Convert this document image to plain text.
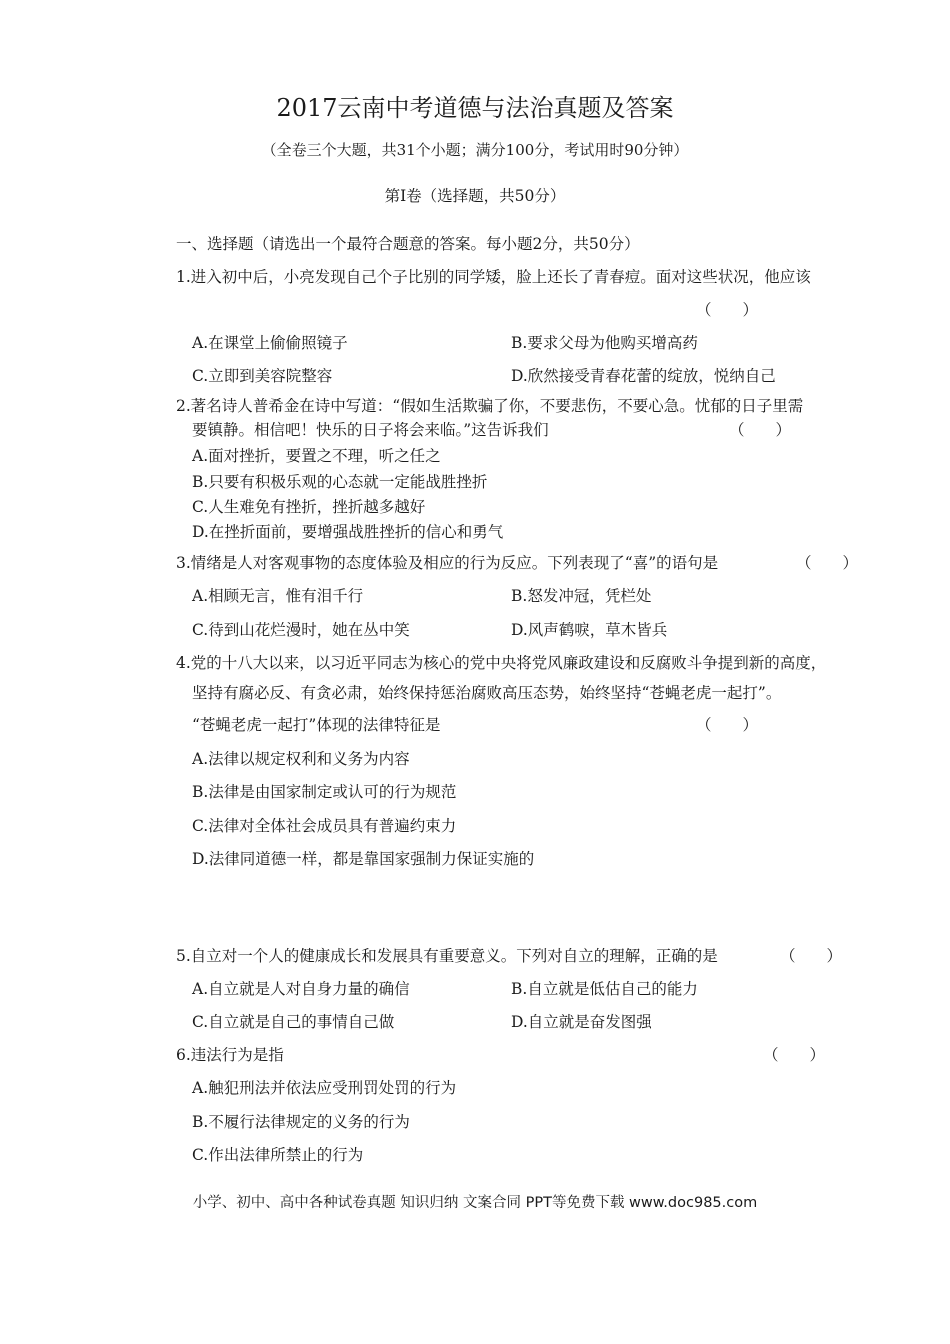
2017云南中考道德与法治真题及答案
（全卷三个大题，共31个小题；满分100分，考试用时90分钟）
第Ⅰ卷（选择题，共50分）
一、选择题（请选出一个最符合题意的答案。每小题2分，共50分）
1.进入初中后，小亮发现自己个子比别的同学矮，脸上还长了青春痘。面对这些状况，他应该
（　　）
A.在课堂上偷偷照镜子	B.要求父母为他购买增高药
C.立即到美容院整容	D.欣然接受青春花蕾的绽放，悦纳自己
2.著名诗人普希金在诗中写道：“假如生活欺骗了你，不要悲伤，不要心急。忧郁的日子里需
要镇静。相信吧！快乐的日子将会来临。”这告诉我们	（　　）
A.面对挫折，要置之不理，听之任之
B.只要有积极乐观的心态就一定能战胜挫折
C.人生难免有挫折，挫折越多越好
D.在挫折面前，要增强战胜挫折的信心和勇气
3.情绪是人对客观事物的态度体验及相应的行为反应。下列表现了“喜”的语句是	（　　）
A.相顾无言，惟有泪千行	B.怒发冲冠，凭栏处
C.待到山花烂漫时，她在丛中笑	D.风声鹤唳，草木皆兵
4.党的十八大以来，以习近平同志为核心的党中央将党风廉政建设和反腐败斗争提到新的高度，
坚持有腐必反、有贪必肃，始终保持惩治腐败高压态势，始终坚持“苍蝇老虎一起打”。
“苍蝇老虎一起打”体现的法律特征是	（　　）
A.法律以规定权利和义务为内容
B.法律是由国家制定或认可的行为规范
C.法律对全体社会成员具有普遍约束力
D.法律同道德一样，都是靠国家强制力保证实施的
5.自立对一个人的健康成长和发展具有重要意义。下列对自立的理解，正确的是	（　　）
A.自立就是人对自身力量的确信	B.自立就是低估自己的能力
C.自立就是自己的事情自己做	D.自立就是奋发图强
6.违法行为是指	（　　）
A.触犯刑法并依法应受刑罚处罚的行为
B.不履行法律规定的义务的行为
C.作出法律所禁止的行为
小学、初中、高中各种试卷真题 知识归纳 文案合同 PPT等免费下载 www.doc985.com
